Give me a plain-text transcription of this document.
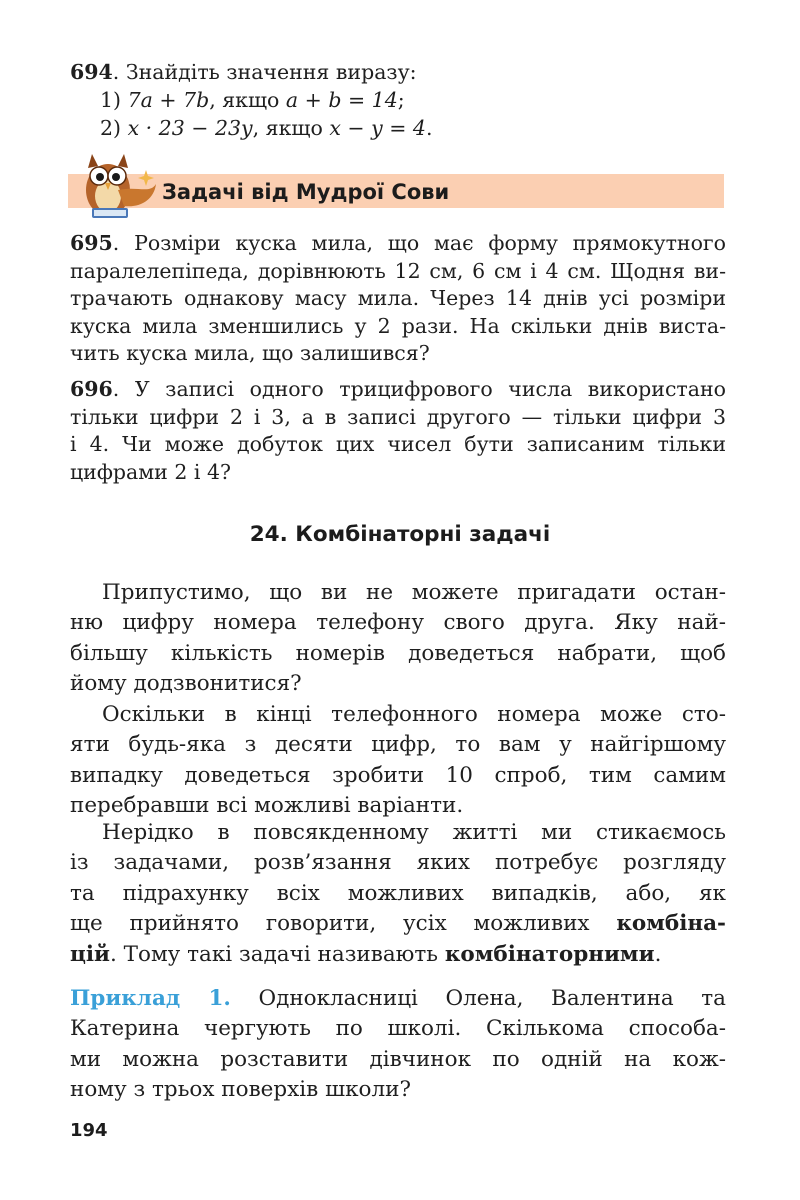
694. Знайдіть значення виразу:
1) 7a + 7b, якщо a + b = 14;
2) x · 23 − 23y, якщо x − y = 4.
Задачі від Мудрої Сови
695. Розміри куска мила, що має форму прямокутного
паралелепіпеда, дорівнюють 12 см, 6 см і 4 см. Щодня ви-
трачають однакову масу мила. Через 14 днів усі розміри
куска мила зменшились у 2 рази. На скільки днів виста-
чить куска мила, що залишився?
696. У записі одного трицифрового числа використано
тільки цифри 2 і 3, а в записі другого — тільки цифри 3
і 4. Чи може добуток цих чисел бути записаним тільки
цифрами 2 і 4?
24. Комбінаторні задачі
Припустимо, що ви не можете пригадати остан-
ню цифру номера телефону свого друга. Яку най-
більшу кількість номерів доведеться набрати, щоб
йому додзвонитися?
Оскільки в кінці телефонного номера може сто-
яти будь-яка з десяти цифр, то вам у найгіршому
випадку доведеться зробити 10 спроб, тим самим
перебравши всі можливі варіанти.
Нерідко в повсякденному житті ми стикаємось
із задачами, розв’язання яких потребує розгляду
та підрахунку всіх можливих випадків, або, як
ще прийнято говорити, усіх можливих комбіна-
цій. Тому такі задачі називають комбінаторними.
Приклад 1. Однокласниці Олена, Валентина та
Катерина чергують по школі. Скількома способа-
ми можна розставити дівчинок по одній на кож-
ному з трьох поверхів школи?
194
